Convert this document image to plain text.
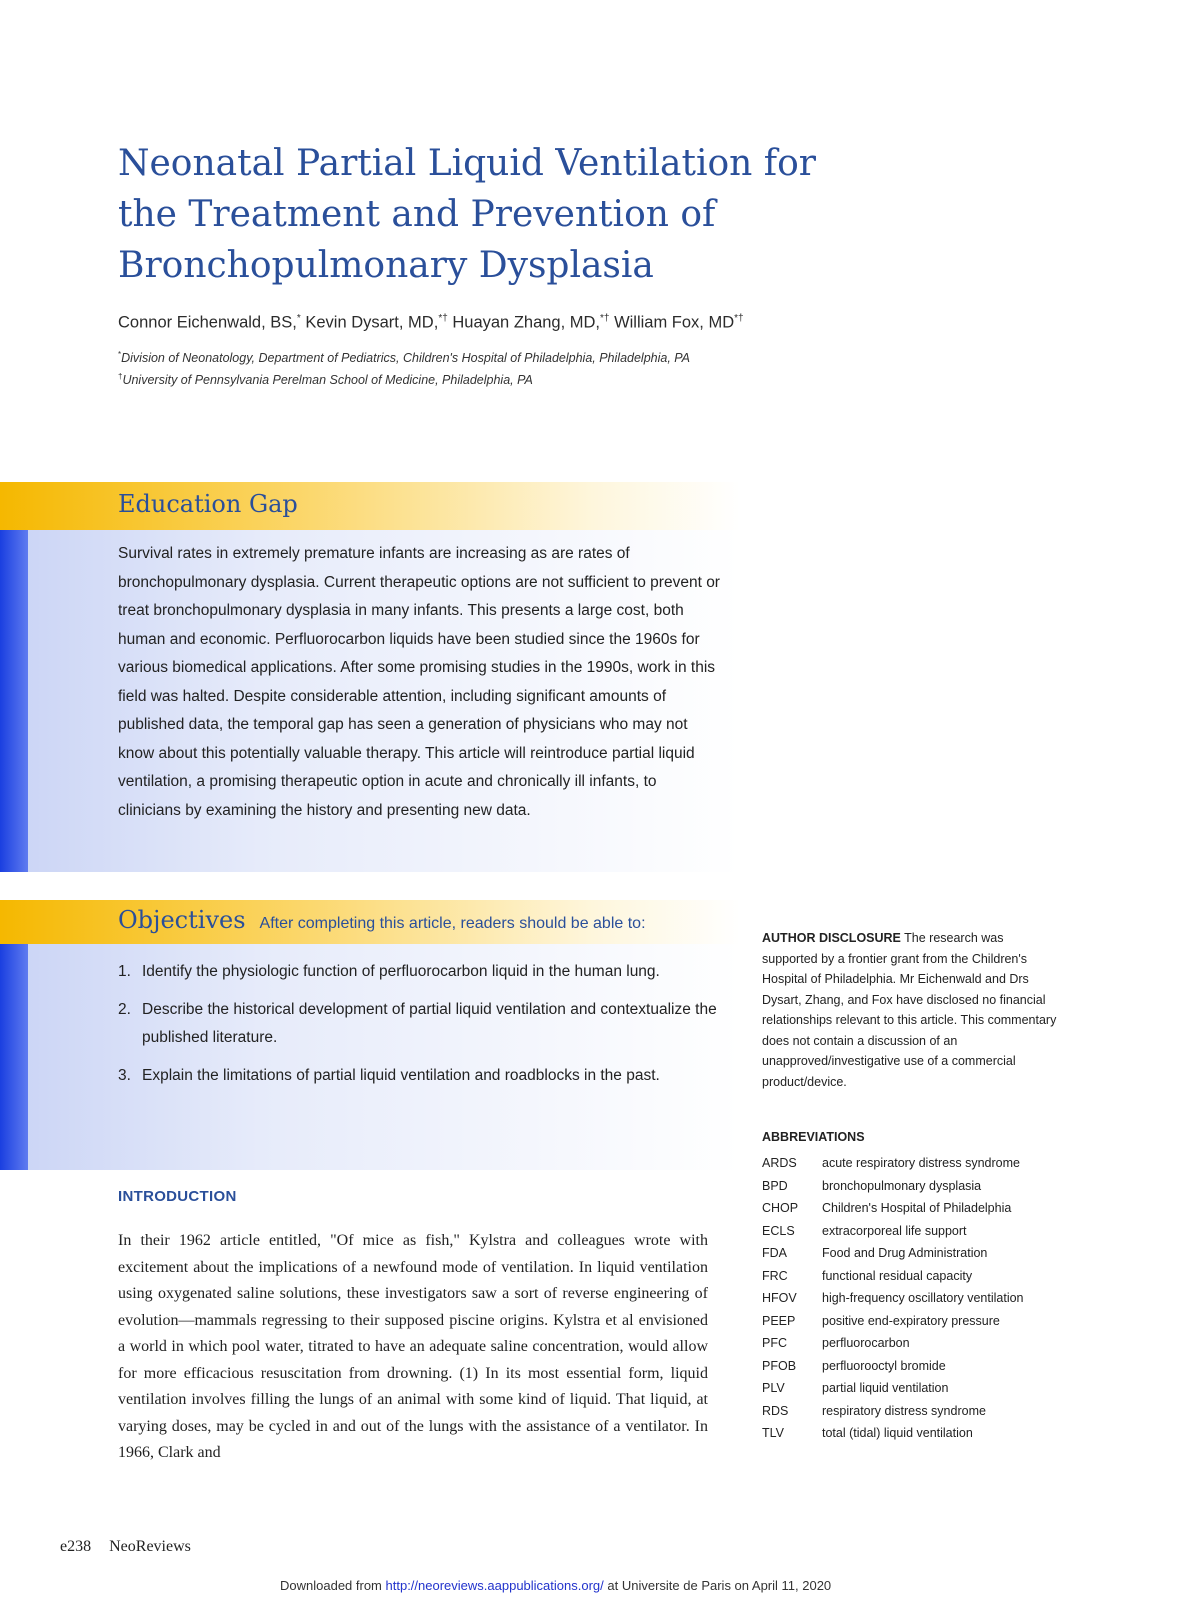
Neonatal Partial Liquid Ventilation for
the Treatment and Prevention of
Bronchopulmonary Dysplasia
Connor Eichenwald, BS,* Kevin Dysart, MD,*† Huayan Zhang, MD,*† William Fox, MD*†
*Division of Neonatology, Department of Pediatrics, Children's Hospital of Philadelphia, Philadelphia, PA
†University of Pennsylvania Perelman School of Medicine, Philadelphia, PA
Education Gap

Survival rates in extremely premature infants are increasing as are rates of bronchopulmonary dysplasia. Current therapeutic options are not sufficient to prevent or treat bronchopulmonary dysplasia in many infants. This presents a large cost, both human and economic. Perfluorocarbon liquids have been studied since the 1960s for various biomedical applications. After some promising studies in the 1990s, work in this field was halted. Despite considerable attention, including significant amounts of published data, the temporal gap has seen a generation of physicians who may not know about this potentially valuable therapy. This article will reintroduce partial liquid ventilation, a promising therapeutic option in acute and chronically ill infants, to clinicians by examining the history and presenting new data.

Objectives After completing this article, readers should be able to:
1. Identify the physiologic function of perfluorocarbon liquid in the human lung.
2. Describe the historical development of partial liquid ventilation and contextualize the published literature.
3. Explain the limitations of partial liquid ventilation and roadblocks in the past.
INTRODUCTION

In their 1962 article entitled, "Of mice as fish," Kylstra and colleagues wrote with excitement about the implications of a newfound mode of ventilation. In liquid ventilation using oxygenated saline solutions, these investigators saw a sort of reverse engineering of evolution—mammals regressing to their supposed piscine origins. Kylstra et al envisioned a world in which pool water, titrated to have an adequate saline concentration, would allow for more efficacious resuscitation from drowning. (1) In its most essential form, liquid ventilation involves filling the lungs of an animal with some kind of liquid. That liquid, at varying doses, may be cycled in and out of the lungs with the assistance of a ventilator. In 1966, Clark and

AUTHOR DISCLOSURE The research was supported by a frontier grant from the Children's Hospital of Philadelphia. Mr Eichenwald and Drs Dysart, Zhang, and Fox have disclosed no financial relationships relevant to this article. This commentary does not contain a discussion of an unapproved/investigative use of a commercial product/device.

ABBREVIATIONS
ARDS	acute respiratory distress syndrome
BPD	bronchopulmonary dysplasia
CHOP	Children's Hospital of Philadelphia
ECLS	extracorporeal life support
FDA	Food and Drug Administration
FRC	functional residual capacity
HFOV	high-frequency oscillatory ventilation
PEEP	positive end-expiratory pressure
PFC	perfluorocarbon
PFOB	perfluorooctyl bromide
PLV	partial liquid ventilation
RDS	respiratory distress syndrome
TLV	total (tidal) liquid ventilation
e238 NeoReviews
Downloaded from http://neoreviews.aappublications.org/ at Universite de Paris on April 11, 2020
